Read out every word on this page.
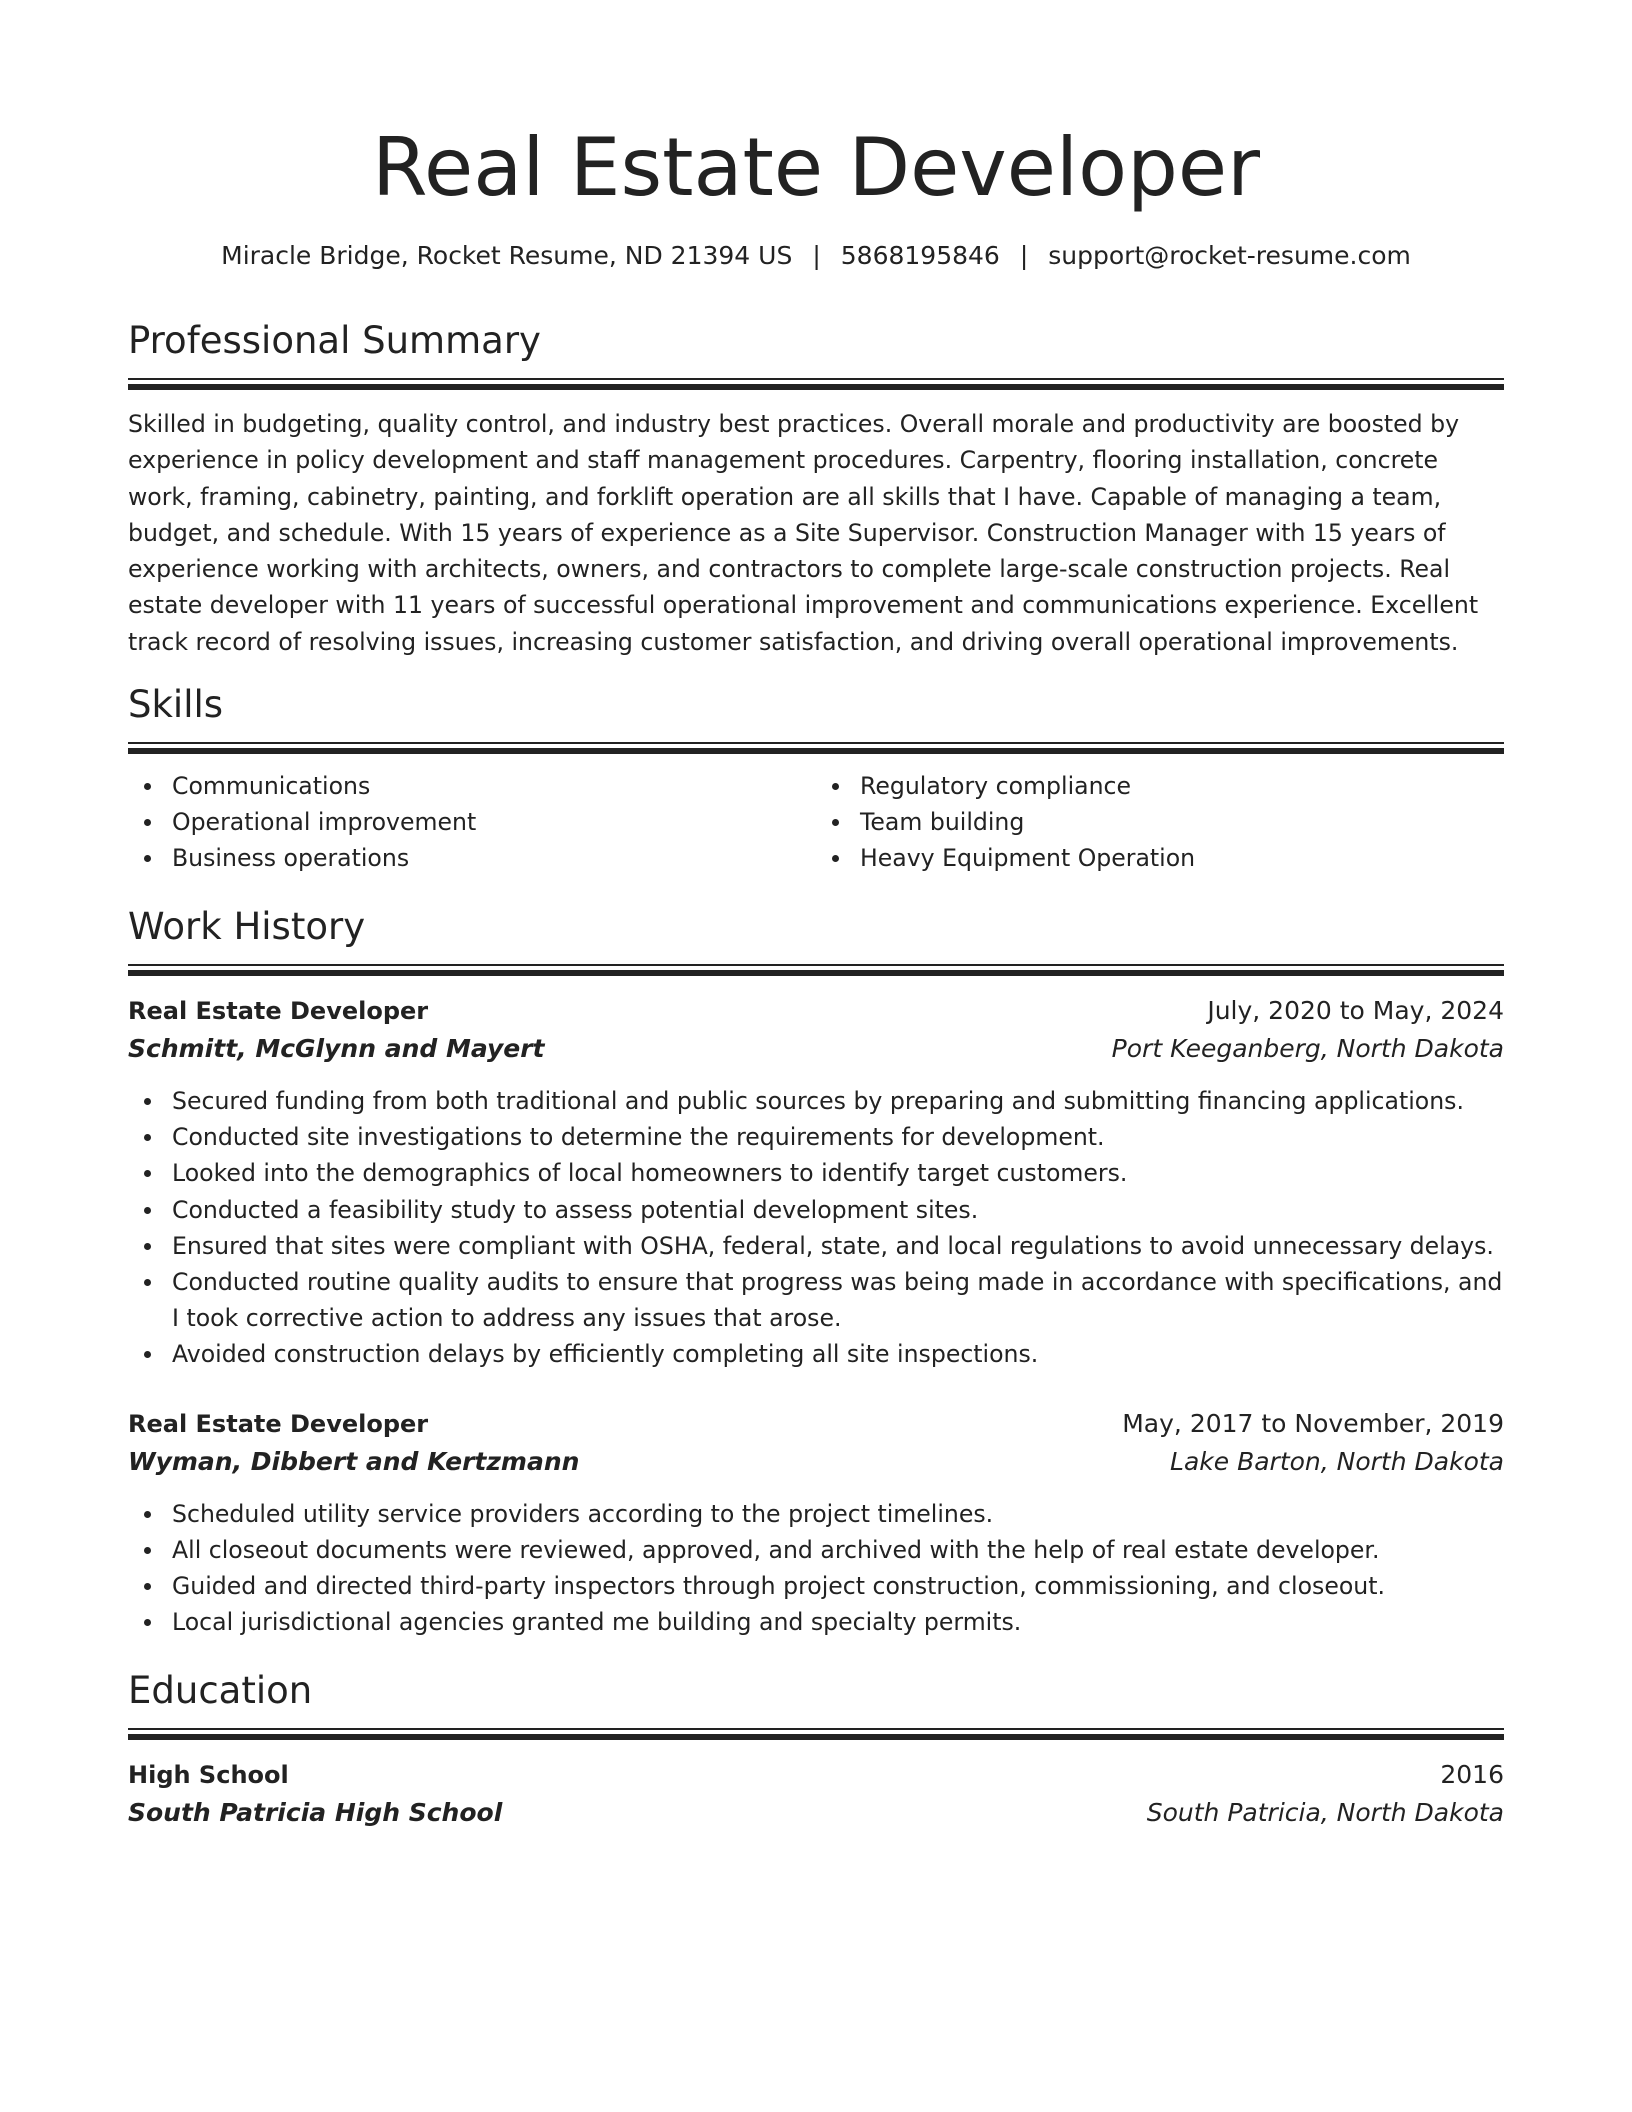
Real Estate Developer
Miracle Bridge, Rocket Resume, ND 21394 US | 5868195846 | support@rocket-resume.com
Professional Summary

Skilled in budgeting, quality control, and industry best practices. Overall morale and productivity are boosted by experience in policy development and staff management procedures. Carpentry, flooring installation, concrete work, framing, cabinetry, painting, and forklift operation are all skills that I have. Capable of managing a team, budget, and schedule. With 15 years of experience as a Site Supervisor. Construction Manager with 15 years of experience working with architects, owners, and contractors to complete large-scale construction projects. Real estate developer with 11 years of successful operational improvement and communications experience. Excellent track record of resolving issues, increasing customer satisfaction, and driving overall operational improvements.

Skills
Communications
Operational improvement
Business operations
Regulatory compliance
Team building
Heavy Equipment Operation
Work History
Real Estate Developer	July, 2020 to May, 2024
Schmitt, McGlynn and Mayert	Port Keeganberg, North Dakota
Secured funding from both traditional and public sources by preparing and submitting financing applications.
Conducted site investigations to determine the requirements for development.
Looked into the demographics of local homeowners to identify target customers.
Conducted a feasibility study to assess potential development sites.
Ensured that sites were compliant with OSHA, federal, state, and local regulations to avoid unnecessary delays.
Conducted routine quality audits to ensure that progress was being made in accordance with specifications, and I took corrective action to address any issues that arose.
Avoided construction delays by efficiently completing all site inspections.
Real Estate Developer	May, 2017 to November, 2019
Wyman, Dibbert and Kertzmann	Lake Barton, North Dakota
Scheduled utility service providers according to the project timelines.
All closeout documents were reviewed, approved, and archived with the help of real estate developer.
Guided and directed third-party inspectors through project construction, commissioning, and closeout.
Local jurisdictional agencies granted me building and specialty permits.
Education
High School	2016
South Patricia High School	South Patricia, North Dakota
